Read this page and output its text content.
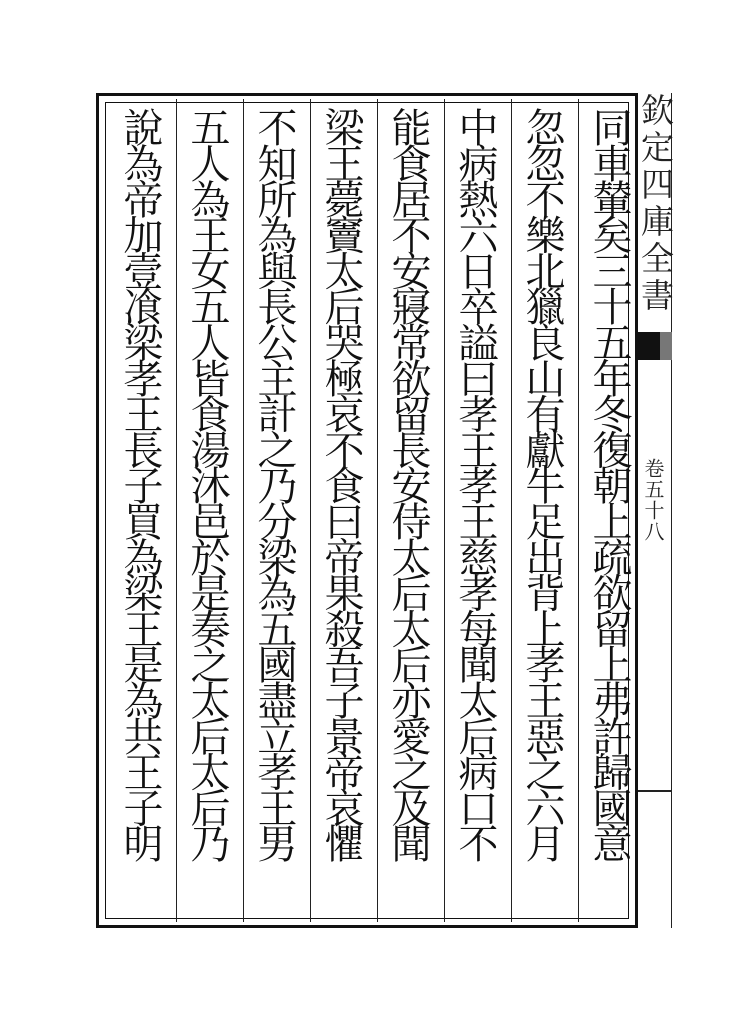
同車輦矣三十五年冬復朝上疏欲留上弗許歸國意
忽忽不樂北獵良山有獻牛足出背上孝王惡之六月
中病熱六日卒謚曰孝王孝王慈孝每聞太后病口不
能食居不安寢常欲留長安侍太后太后亦愛之及聞
梁王薨竇太后哭極哀不食曰帝果殺吾子景帝哀懼
不知所為與長公主計之乃分梁為五國盡立孝王男
五人為王女五人皆食湯沐邑於是奏之太后太后乃
說為帝加壹飡梁孝王長子買為梁王是為共王子明	欽定四庫全書
卷五十八
